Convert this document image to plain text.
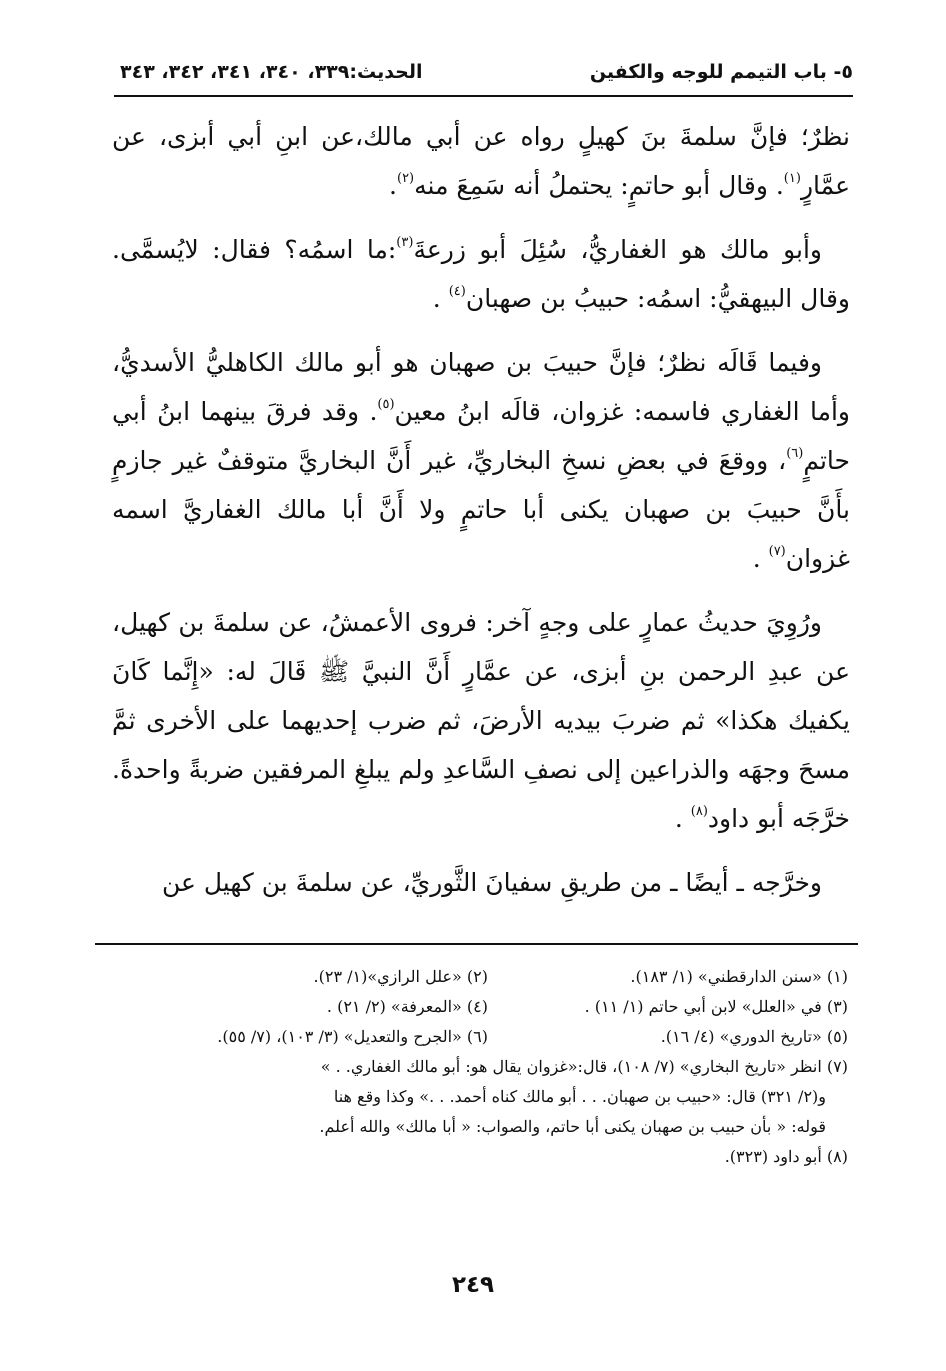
٥- باب التيمم للوجه والكفين
الحديث:٣٣٩، ٣٤٠، ٣٤١، ٣٤٢، ٣٤٣

نظرٌ؛ فإنَّ سلمةَ بنَ كهيلٍ رواه عن أبي مالك،عن ابنِ أبي أبزى، عن عمَّارٍ$^{(١)}$. وقال أبو حاتمٍ: يحتملُ أنه سَمِعَ منه$^{(٢)}$.

وأبو مالك هو الغفاريُّ، سُئِلَ أبو زرعةَ$^{(٣)}$:ما اسمُه؟ فقال: لايُسمَّى. وقال البيهقيُّ: اسمُه: حبيبُ بن صهبان$^{(٤)}$ .

وفيما قَالَه نظرٌ؛ فإنَّ حبيبَ بن صهبان هو أبو مالك الكاهليُّ الأسديُّ، وأما الغفاري فاسمه: غزوان، قالَه ابنُ معين$^{(٥)}$. وقد فرقَ بينهما ابنُ أبي حاتمٍ$^{(٦)}$، ووقعَ في بعضِ نسخِ البخاريِّ، غير أَنَّ البخاريَّ متوقفٌ غير جازمٍ بأَنَّ حبيبَ بن صهبان يكنى أبا حاتمٍ ولا أَنَّ أبا مالك الغفاريَّ اسمه غزوان$^{(٧)}$ .

ورُوِيَ حديثُ عمارٍ على وجهٍ آخر: فروى الأعمشُ، عن سلمةَ بن كهيل، عن عبدِ الرحمن بنِ أبزى، عن عمَّارٍ أَنَّ النبيَّ ﷺ قَالَ له: «إِنَّما كَانَ يكفيك هكذا» ثم ضربَ بيديه الأرضَ، ثم ضرب إحديهما على الأخرى ثمَّ مسحَ وجهَه والذراعين إلى نصفِ السَّاعدِ ولم يبلغِ المرفقين ضربةً واحدةً. خرَّجَه أبو داود$^{(٨)}$ .

وخرَّجه ـ أيضًا ـ من طريقِ سفيانَ الثَّوريِّ، عن سلمةَ بن كهيل عن

(١) «سنن الدارقطني» (١/ ١٨٣).
(٢) «علل الرازي»(١/ ٢٣).
(٣) في «العلل» لابن أبي حاتم (١/ ١١) .
(٤) «المعرفة» (٢/ ٢١) .
(٥) «تاريخ الدوري» (٤/ ١٦).
(٦) «الجرح والتعديل» (٣/ ١٠٣)، (٧/ ٥٥).
(٧) انظر «تاريخ البخاري» (٧/ ١٠٨)، قال:«غزوان يقال هو: أبو مالك الغفاري. . »
و(٢/ ٣٢١) قال: «حبيب بن صهبان. . . أبو مالك كناه أحمد. . .» وكذا وقع هنا
قوله: « بأن حبيب بن صهبان يكنى أبا حاتم، والصواب: « أبا مالك» والله أعلم.
(٨) أبو داود (٣٢٣).
٢٤٩
